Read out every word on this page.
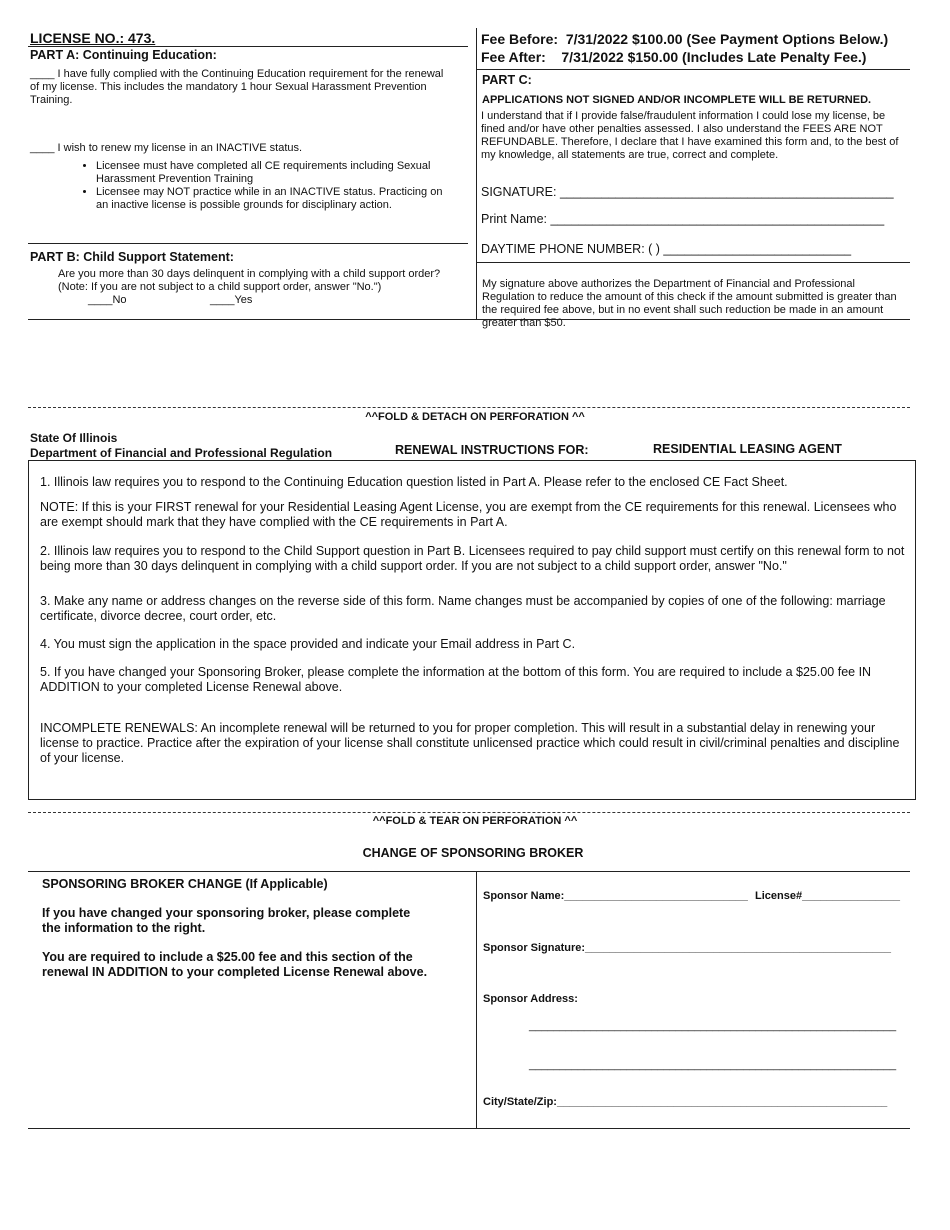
LICENSE NO.: 473.	Fee Before: 7/31/2022 $100.00 (See Payment Options Below.)
Fee After: 7/31/2022 $150.00 (Includes Late Penalty Fee.)
PART A: Continuing Education:
____ I have fully complied with the Continuing Education requirement for the renewal of my license. This includes the mandatory 1 hour Sexual Harassment Prevention Training.
____ I wish to renew my license in an INACTIVE status.
• Licensee must have completed all CE requirements including Sexual Harassment Prevention Training
• Licensee may NOT practice while in an INACTIVE status. Practicing on an inactive license is possible grounds for disciplinary action.
PART B: Child Support Statement:
Are you more than 30 days delinquent in complying with a child support order? (Note: If you are not subject to a child support order, answer "No.")
____No	____Yes
PART C:
APPLICATIONS NOT SIGNED AND/OR INCOMPLETE WILL BE RETURNED.
I understand that if I provide false/fraudulent information I could lose my license, be fined and/or have other penalties assessed. I also understand the FEES ARE NOT REFUNDABLE. Therefore, I declare that I have examined this form and, to the best of my knowledge, all statements are true, correct and complete.
SIGNATURE: ________________________________________________
Print Name: ________________________________________________
DAYTIME PHONE NUMBER: ( ) ___________________________
My signature above authorizes the Department of Financial and Professional Regulation to reduce the amount of this check if the amount submitted is greater than the required fee above, but in no event shall such reduction be made in an amount greater than $50.
^^FOLD & DETACH ON PERFORATION ^^
State Of Illinois
Department of Financial and Professional Regulation	RENEWAL INSTRUCTIONS FOR:	RESIDENTIAL LEASING AGENT
1. Illinois law requires you to respond to the Continuing Education question listed in Part A. Please refer to the enclosed CE Fact Sheet.
NOTE: If this is your FIRST renewal for your Residential Leasing Agent License, you are exempt from the CE requirements for this renewal. Licensees who are exempt should mark that they have complied with the CE requirements in Part A.
2. Illinois law requires you to respond to the Child Support question in Part B. Licensees required to pay child support must certify on this renewal form to not being more than 30 days delinquent in complying with a child support order. If you are not subject to a child support order, answer "No."
3. Make any name or address changes on the reverse side of this form. Name changes must be accompanied by copies of one of the following: marriage certificate, divorce decree, court order, etc.
4. You must sign the application in the space provided and indicate your Email address in Part C.
5. If you have changed your Sponsoring Broker, please complete the information at the bottom of this form. You are required to include a $25.00 fee IN ADDITION to your completed License Renewal above.
INCOMPLETE RENEWALS: An incomplete renewal will be returned to you for proper completion. This will result in a substantial delay in renewing your license to practice. Practice after the expiration of your license shall constitute unlicensed practice which could result in civil/criminal penalties and discipline of your license.
^^FOLD & TEAR ON PERFORATION ^^
CHANGE OF SPONSORING BROKER
SPONSORING BROKER CHANGE (If Applicable)
If you have changed your sponsoring broker, please complete the information to the right.
You are required to include a $25.00 fee and this section of the renewal IN ADDITION to your completed License Renewal above.
Sponsor Name:______________________________ License#________________
Sponsor Signature:__________________________________________________
Sponsor Address:
____________________________________________________________
____________________________________________________________
City/State/Zip:______________________________________________________
